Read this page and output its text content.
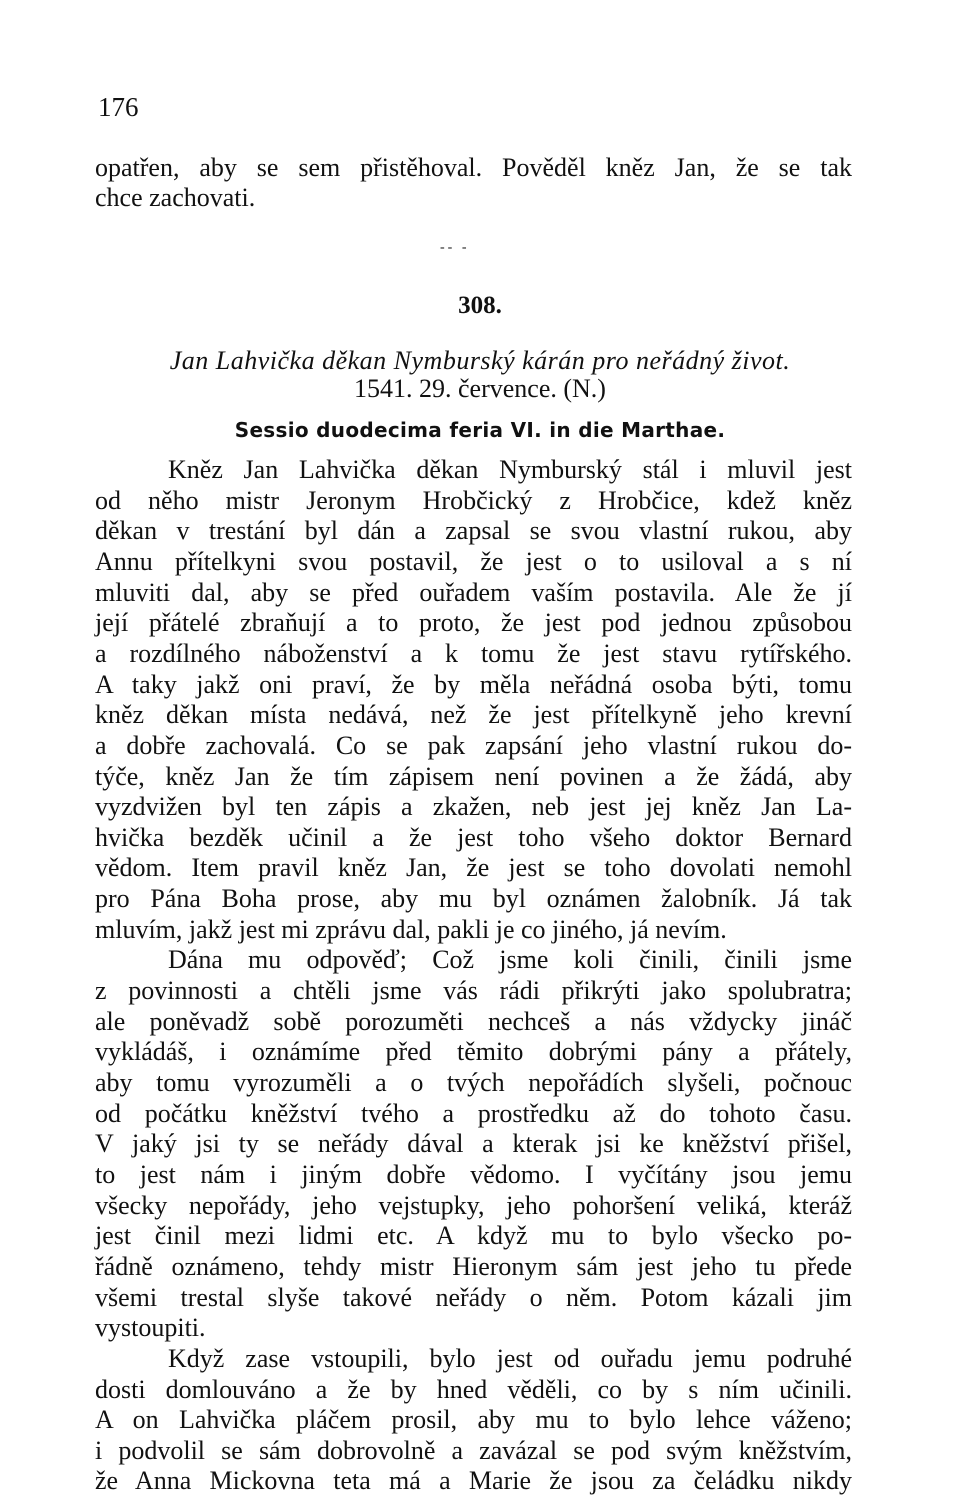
176
opatřen, aby se sem přistěhoval. Pověděl kněz Jan, že se tak
chce zachovati.
-- -
308.
Jan Lahvička děkan Nymburský kárán pro neřádný život.
1541. 29. července. (N.)
Sessio duodecima feria VI. in die Marthae.
Kněz Jan Lahvička děkan Nymburský stál i mluvil jest
od něho mistr Jeronym Hrobčický z Hrobčice, kdež kněz
děkan v trestání byl dán a zapsal se svou vlastní rukou, aby
Annu přítelkyni svou postavil, že jest o to usiloval a s ní
mluviti dal, aby se před ouřadem vaším postavila. Ale že jí
její přátelé zbraňují a to proto, že jest pod jednou způsobou
a rozdílného náboženství a k tomu že jest stavu rytířského.
A taky jakž oni praví, že by měla neřádná osoba býti, tomu
kněz děkan místa nedává, než že jest přítelkyně jeho krevní
a dobře zachovalá. Co se pak zapsání jeho vlastní rukou do-
týče, kněz Jan že tím zápisem není povinen a že žádá, aby
vyzdvižen byl ten zápis a zkažen, neb jest jej kněz Jan La-
hvička bezděk učinil a že jest toho všeho doktor Bernard
vědom. Item pravil kněz Jan, že jest se toho dovolati nemohl
pro Pána Boha prose, aby mu byl oznámen žalobník. Já tak
mluvím, jakž jest mi zprávu dal, pakli je co jiného, já nevím.
Dána mu odpověď; Což jsme koli činili, činili jsme
z povinnosti a chtěli jsme vás rádi přikrýti jako spolubratra;
ale poněvadž sobě porozuměti nechceš a nás vždycky jináč
vykládáš, i oznámíme před těmito dobrými pány a přátely,
aby tomu vyrozuměli a o tvých nepořádích slyšeli, počnouc
od počátku kněžství tvého a prostředku až do tohoto času.
V jaký jsi ty se neřády dával a kterak jsi ke kněžství přišel,
to jest nám i jiným dobře vědomo. I vyčítány jsou jemu
všecky nepořády, jeho vejstupky, jeho pohoršení veliká, kteráž
jest činil mezi lidmi etc. A když mu to bylo všecko po-
řádně oznámeno, tehdy mistr Hieronym sám jest jeho tu přede
všemi trestal slyše takové neřády o něm. Potom kázali jim
vystoupiti.
Když zase vstoupili, bylo jest od ouřadu jemu podruhé
dosti domlouváno a že by hned věděli, co by s ním učinili.
A on Lahvička pláčem prosil, aby mu to bylo lehce váženo;
i podvolil se sám dobrovolně a zavázal se pod svým kněžstvím,
že Anna Mickovna teta má a Marie že jsou za čeládku nikdy
